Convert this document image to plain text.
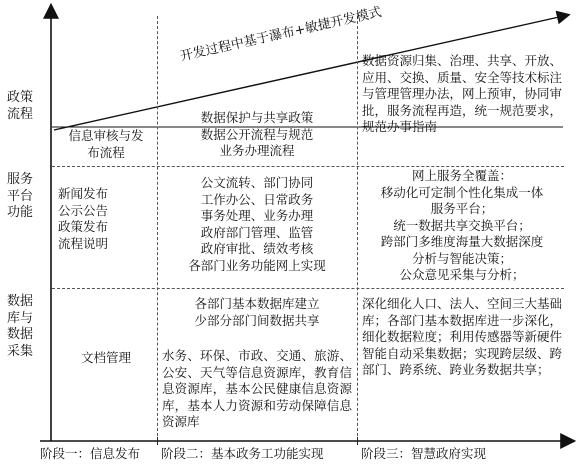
政策流程
服务平台功能
数据库与数据采集
开发过程中基于瀑布+敏捷开发模式
信息审核与发
布流程
数据保护与共享政策
数据公开流程与规范
业务办理流程
数据资源归集、治理、共享、开放、应用、交换、质量、安全等技术标注与管理管理办法，网上预审，协同审批，服务流程再造，统一规范要求，规范办事指南
新闻发布
公示公告
政策发布
流程说明
公文流转、部门协同
工作办公、日常政务
事务处理、业务办理
政府部门管理、监管
政府审批、绩效考核
各部门业务功能网上实现
网上服务全覆盖：
移动化可定制个性化集成一体
服务平台；
统一数据共享交换平台；
跨部门多维度海量大数据深度
分析与智能决策；
公众意见采集与分析；
文档管理
各部门基本数据库建立
少部分部门间数据共享
水务、环保、市政、交通、旅游、公安、天气等信息资源库，教育信息资源库，基本公民健康信息资源库，基本人力资源和劳动保障信息资源库
深化细化人口、法人、空间三大基础库；各部门基本数据库进一步深化，细化数据粒度；利用传感器等新硬件智能自动采集数据；实现跨层级、跨部门、跨系统、跨业务数据共享；
阶段一：信息发布 阶段二：基本政务工功能实现	阶段三：智慧政府实现
